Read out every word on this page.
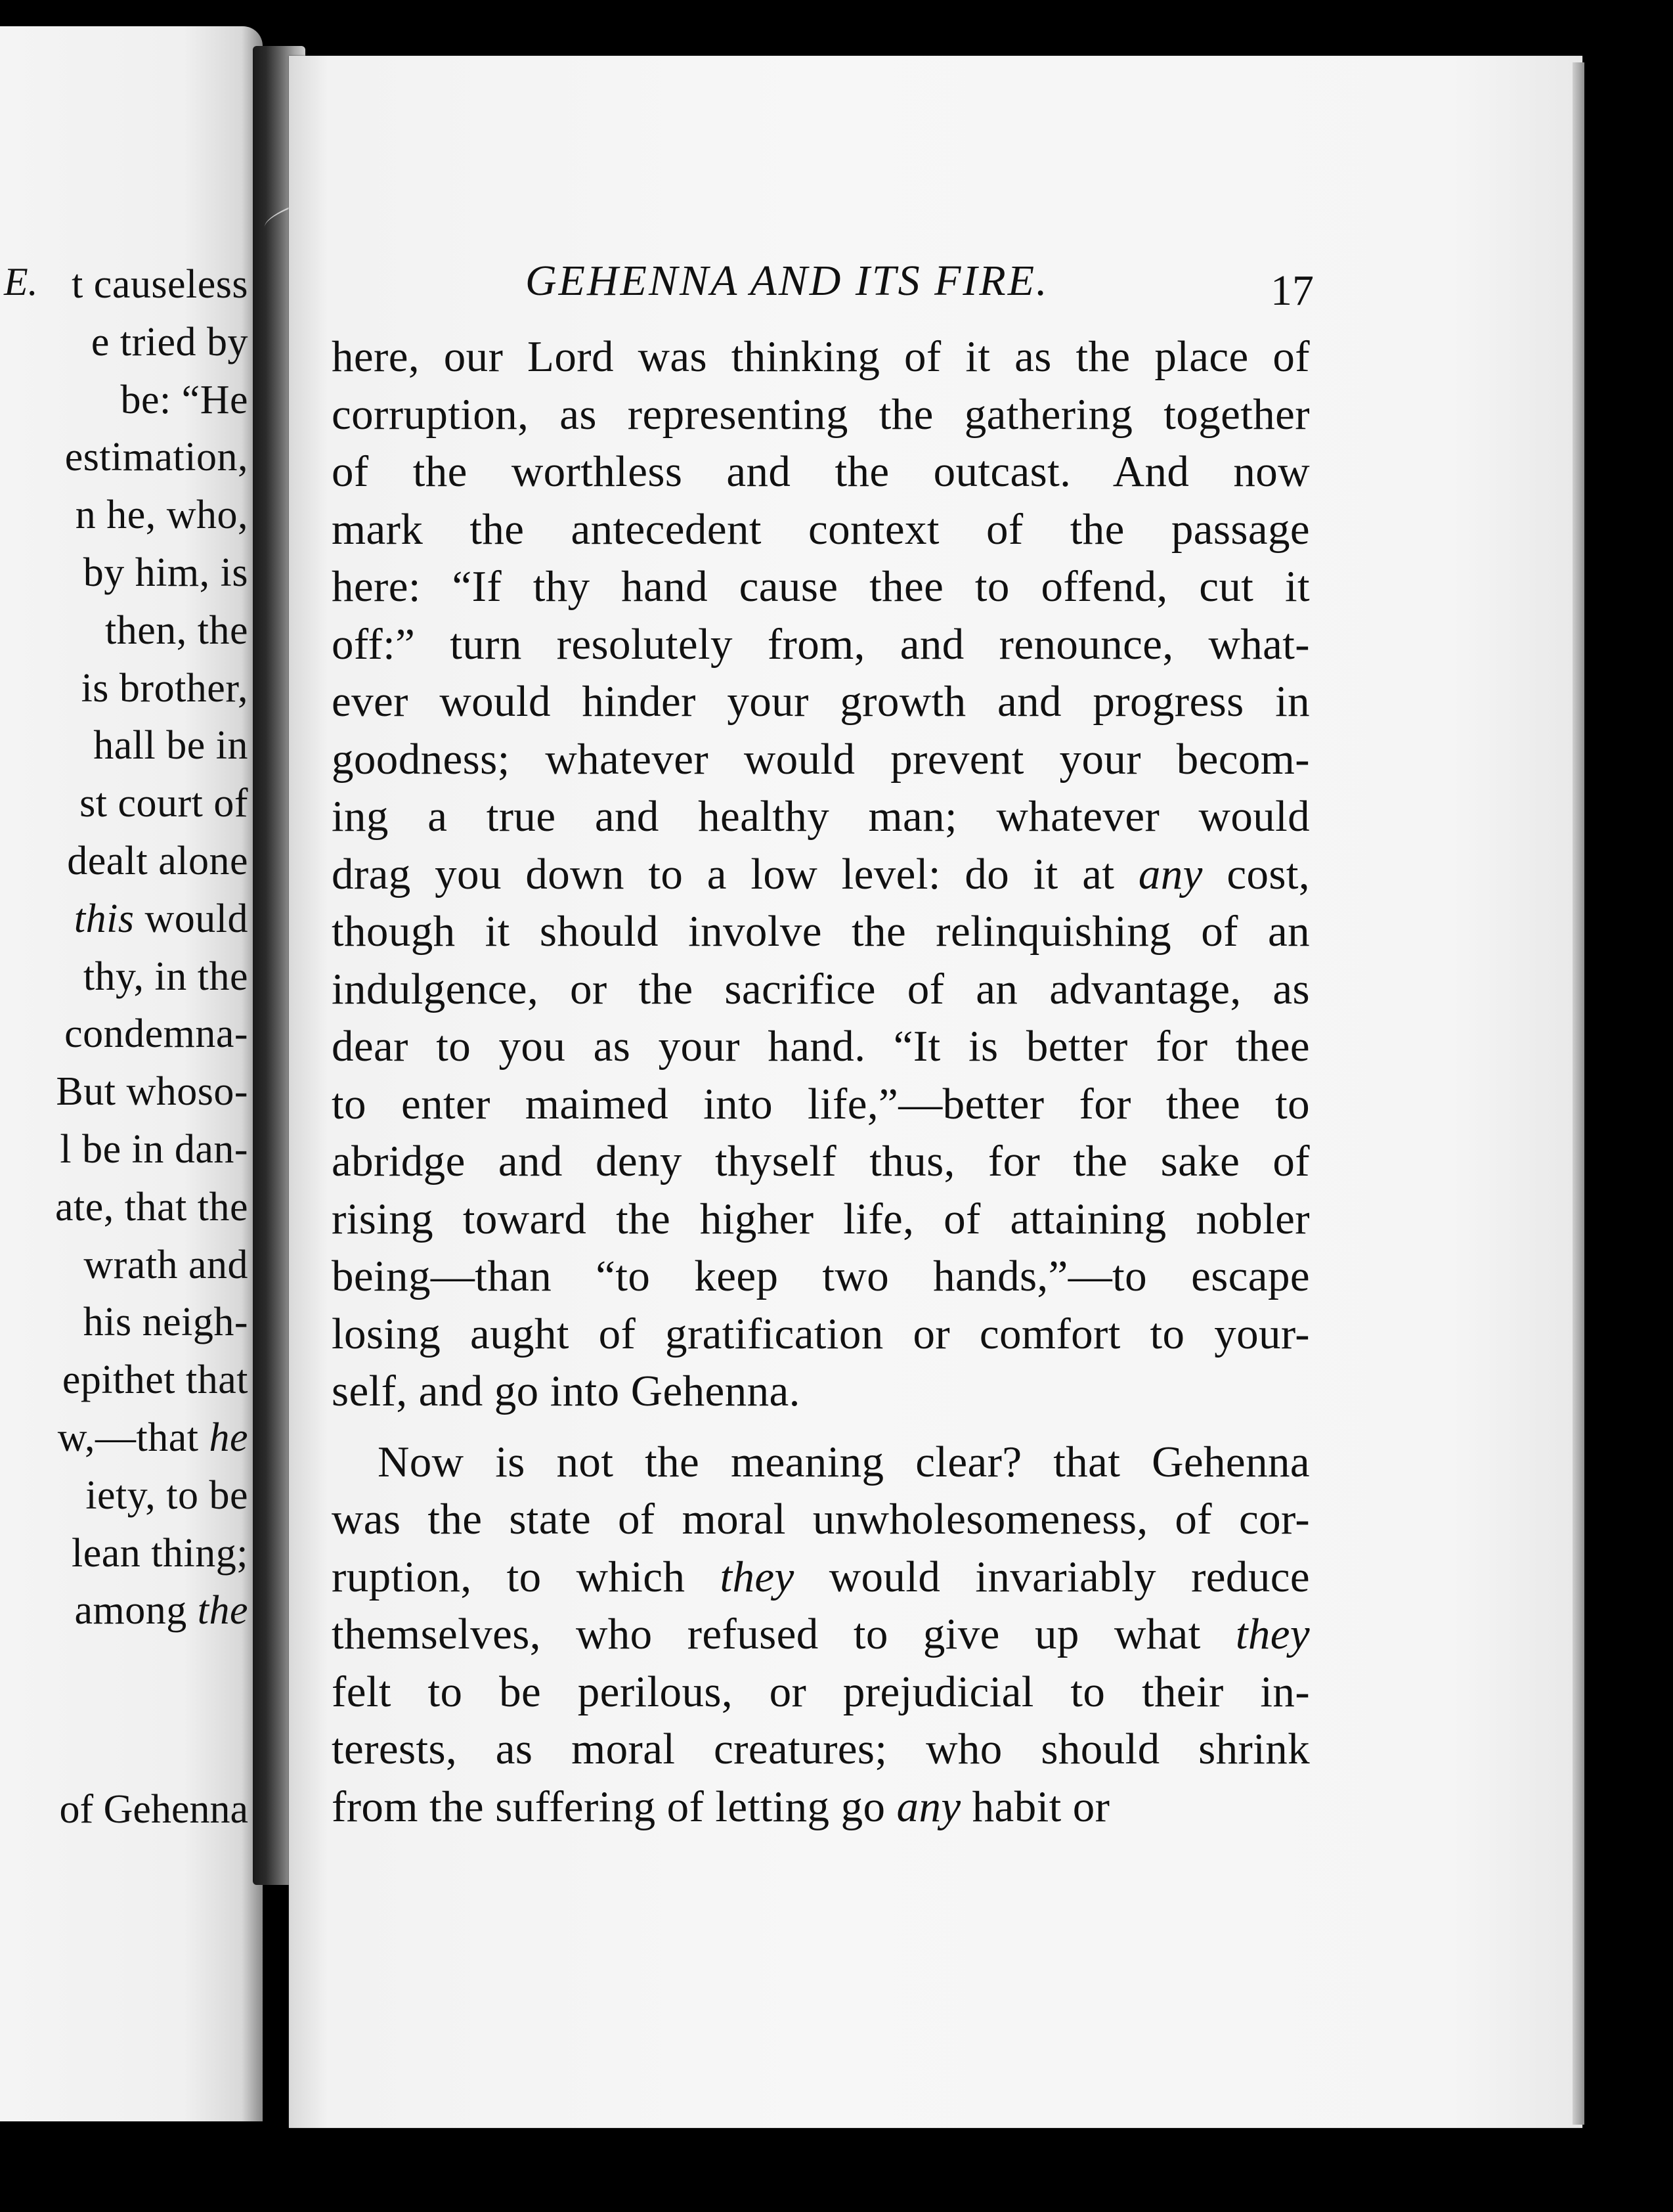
E. t causeless
e tried by
be: “He
estimation,
n he, who,
by him, is
then, the
is brother,
hall be in
st court of
dealt alone
this would
thy, in the
condemna-
But whoso-
l be in dan-
ate, that the
wrath and
his neigh-
epithet that
w,—that he
iety, to be
lean thing;
among the
of Gehenna
GEHENNA AND ITS FIRE.	17
here, our Lord was thinking of it as the place of
corruption, as representing the gathering together
of the worthless and the outcast. And now
mark the antecedent context of the passage
here: “If thy hand cause thee to offend, cut it
off:” turn resolutely from, and renounce, what-
ever would hinder your growth and progress in
goodness; whatever would prevent your becom-
ing a true and healthy man; whatever would
drag you down to a low level: do it at any cost,
though it should involve the relinquishing of an
indulgence, or the sacrifice of an advantage, as
dear to you as your hand. “It is better for thee
to enter maimed into life,”—better for thee to
abridge and deny thyself thus, for the sake of
rising toward the higher life, of attaining nobler
being—than “to keep two hands,”—to escape
losing aught of gratification or comfort to your-
self, and go into Gehenna.
Now is not the meaning clear? that Gehenna
was the state of moral unwholesomeness, of cor-
ruption, to which they would invariably reduce
themselves, who refused to give up what they
felt to be perilous, or prejudicial to their in-
terests, as moral creatures; who should shrink
from the suffering of letting go any habit or
